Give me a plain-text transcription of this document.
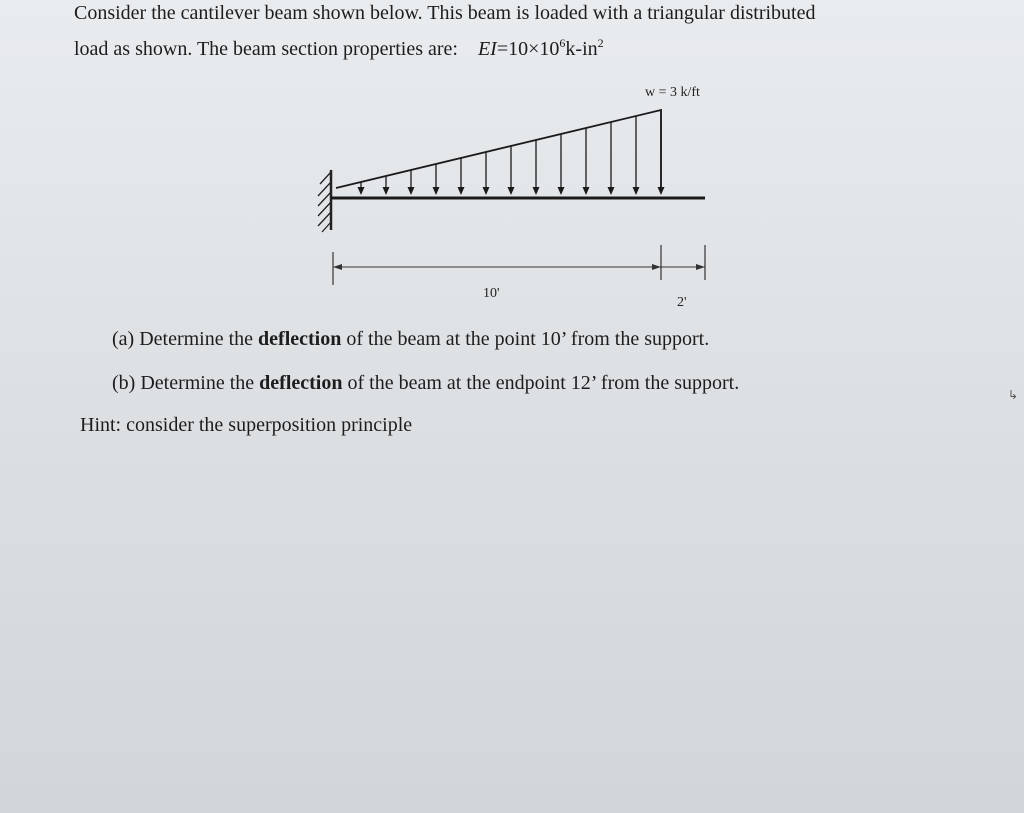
Consider the cantilever beam shown below. This beam is loaded with a triangular distributed
load as shown. The beam section properties are: $EI=10\times 10^6k-in^2$
w = 3 k/ft
10'
2'
(a) Determine the deflection of the beam at the point 10’ from the support.
(b) Determine the deflection of the beam at the endpoint 12’ from the support.
Hint: consider the superposition principle
↳
